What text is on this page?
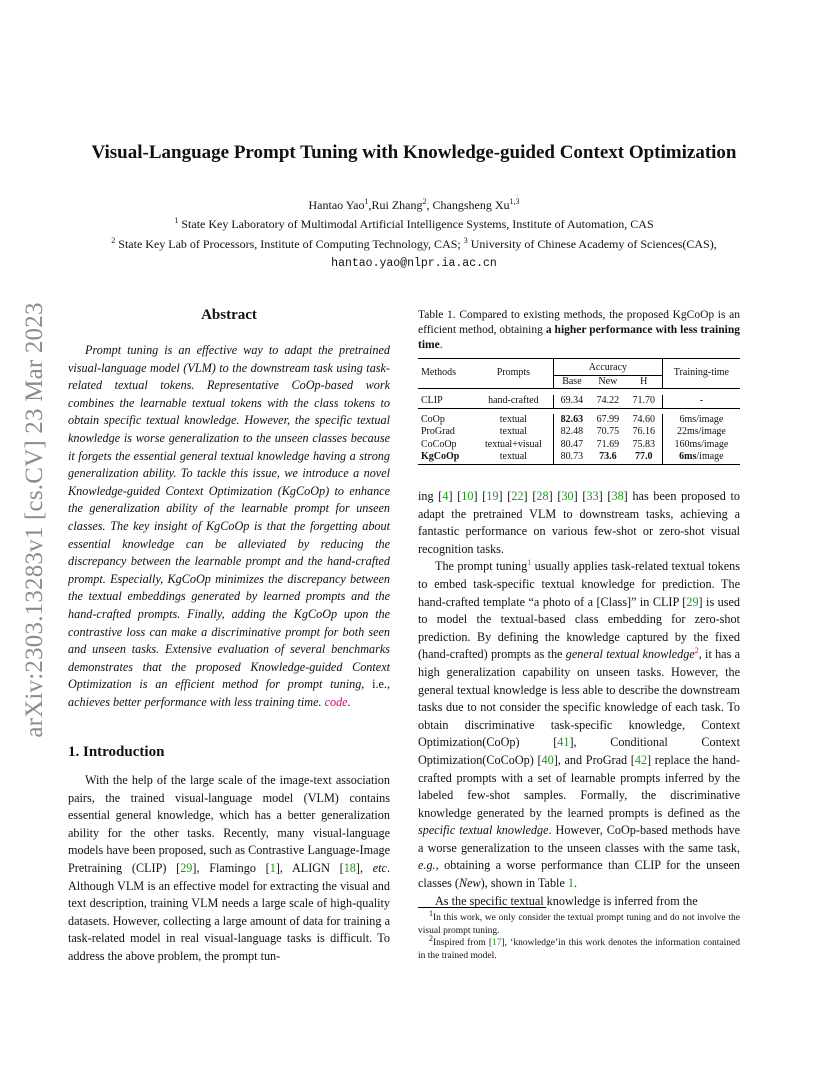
arXiv:2303.13283v1 [cs.CV] 23 Mar 2023
Visual-Language Prompt Tuning with Knowledge-guided Context Optimization
Hantao Yao$^1$,Rui Zhang$^2$, Changsheng Xu$^{1,3}$
$^1$ State Key Laboratory of Multimodal Artificial Intelligence Systems, Institute of Automation, CAS
$^2$ State Key Lab of Processors, Institute of Computing Technology, CAS; $^3$ University of Chinese Academy of Sciences(CAS),
hantao.yao@nlpr.ia.ac.cn
Abstract

Prompt tuning is an effective way to adapt the pretrained visual-language model (VLM) to the downstream task using task-related textual tokens. Representative CoOp-based work combines the learnable textual tokens with the class tokens to obtain specific textual knowledge. However, the specific textual knowledge is worse generalization to the unseen classes because it forgets the essential general textual knowledge having a strong generalization ability. To tackle this issue, we introduce a novel Knowledge-guided Context Optimization (KgCoOp) to enhance the generalization ability of the learnable prompt for unseen classes. The key insight of KgCoOp is that the forgetting about essential knowledge can be alleviated by reducing the discrepancy between the learnable prompt and the hand-crafted prompt. Especially, KgCoOp minimizes the discrepancy between the textual embeddings generated by learned prompts and the hand-crafted prompts. Finally, adding the KgCoOp upon the contrastive loss can make a discriminative prompt for both seen and unseen tasks. Extensive evaluation of several benchmarks demonstrates that the proposed Knowledge-guided Context Optimization is an efficient method for prompt tuning, i.e., achieves better performance with less training time. code.

1. Introduction

With the help of the large scale of the image-text association pairs, the trained visual-language model (VLM) contains essential general knowledge, which has a better generalization ability for the other tasks. Recently, many visual-language models have been proposed, such as Contrastive Language-Image Pretraining (CLIP) [29], Flamingo [1], ALIGN [18], etc. Although VLM is an effective model for extracting the visual and text description, training VLM needs a large scale of high-quality datasets. However, collecting a large amount of data for training a task-related model in real visual-language tasks is difficult. To address the above problem, the prompt tun-

Table 1. Compared to existing methods, the proposed KgCoOp is an efficient method, obtaining a higher performance with less training time.
Methods	Prompts	Accuracy			Training-time
		Base	New	H	

CLIP	hand-crafted	69.34	74.22	71.70	-

CoOp	textual	82.63	67.99	74.60	6ms/image
ProGrad	textual	82.48	70.75	76.16	22ms/image
CoCoOp	textual+visual	80.47	71.69	75.83	160ms/image
KgCoOp	textual	80.73	73.6	77.0	6ms/image

ing [4] [10] [19] [22] [28] [30] [33] [38] has been proposed to adapt the pretrained VLM to downstream tasks, achieving a fantastic performance on various few-shot or zero-shot visual recognition tasks.

The prompt tuning$^1$ usually applies task-related textual tokens to embed task-specific textual knowledge for prediction. The hand-crafted template “a photo of a [Class]” in CLIP [29] is used to model the textual-based class embedding for zero-shot prediction. By defining the knowledge captured by the fixed (hand-crafted) prompts as the general textual knowledge$^2$, it has a high generalization capability on unseen tasks. However, the general textual knowledge is less able to describe the downstream tasks due to not consider the specific knowledge of each task. To obtain discriminative task-specific knowledge, Context Optimization(CoOp) [41], Conditional Context Optimization(CoCoOp) [40], and ProGrad [42] replace the hand-crafted prompts with a set of learnable prompts inferred by the labeled few-shot samples. Formally, the discriminative knowledge generated by the learned prompts is defined as the specific textual knowledge. However, CoOp-based methods have a worse generalization to the unseen classes with the same task, e.g., obtaining a worse performance than CLIP for the unseen classes (New), shown in Table 1.

As the specific textual knowledge is inferred from the

$^1$In this work, we only consider the textual prompt tuning and do not involve the visual prompt tuning.

$^2$Inspired from [17], ‘knowledge’in this work denotes the information contained in the trained model.
